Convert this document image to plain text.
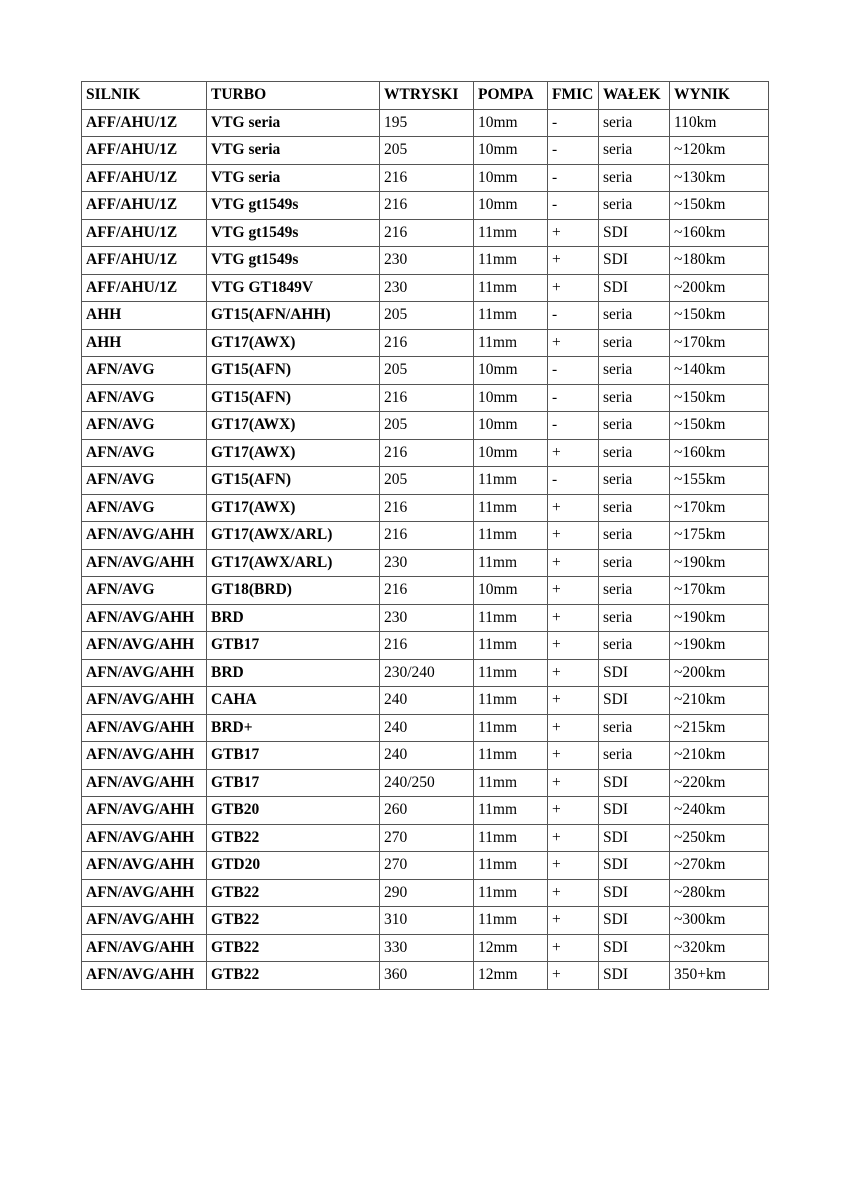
SILNIK	TURBO	WTRYSKI	POMPA	FMIC	WAŁEK	WYNIK
AFF/AHU/1Z	VTG seria	195	10mm	-	seria	110km
AFF/AHU/1Z	VTG seria	205	10mm	-	seria	~120km
AFF/AHU/1Z	VTG seria	216	10mm	-	seria	~130km
AFF/AHU/1Z	VTG gt1549s	216	10mm	-	seria	~150km
AFF/AHU/1Z	VTG gt1549s	216	11mm	+	SDI	~160km
AFF/AHU/1Z	VTG gt1549s	230	11mm	+	SDI	~180km
AFF/AHU/1Z	VTG GT1849V	230	11mm	+	SDI	~200km
AHH	GT15(AFN/AHH)	205	11mm	-	seria	~150km
AHH	GT17(AWX)	216	11mm	+	seria	~170km
AFN/AVG	GT15(AFN)	205	10mm	-	seria	~140km
AFN/AVG	GT15(AFN)	216	10mm	-	seria	~150km
AFN/AVG	GT17(AWX)	205	10mm	-	seria	~150km
AFN/AVG	GT17(AWX)	216	10mm	+	seria	~160km
AFN/AVG	GT15(AFN)	205	11mm	-	seria	~155km
AFN/AVG	GT17(AWX)	216	11mm	+	seria	~170km
AFN/AVG/AHH	GT17(AWX/ARL)	216	11mm	+	seria	~175km
AFN/AVG/AHH	GT17(AWX/ARL)	230	11mm	+	seria	~190km
AFN/AVG	GT18(BRD)	216	10mm	+	seria	~170km
AFN/AVG/AHH	BRD	230	11mm	+	seria	~190km
AFN/AVG/AHH	GTB17	216	11mm	+	seria	~190km
AFN/AVG/AHH	BRD	230/240	11mm	+	SDI	~200km
AFN/AVG/AHH	CAHA	240	11mm	+	SDI	~210km
AFN/AVG/AHH	BRD+	240	11mm	+	seria	~215km
AFN/AVG/AHH	GTB17	240	11mm	+	seria	~210km
AFN/AVG/AHH	GTB17	240/250	11mm	+	SDI	~220km
AFN/AVG/AHH	GTB20	260	11mm	+	SDI	~240km
AFN/AVG/AHH	GTB22	270	11mm	+	SDI	~250km
AFN/AVG/AHH	GTD20	270	11mm	+	SDI	~270km
AFN/AVG/AHH	GTB22	290	11mm	+	SDI	~280km
AFN/AVG/AHH	GTB22	310	11mm	+	SDI	~300km
AFN/AVG/AHH	GTB22	330	12mm	+	SDI	~320km
AFN/AVG/AHH	GTB22	360	12mm	+	SDI	350+km
